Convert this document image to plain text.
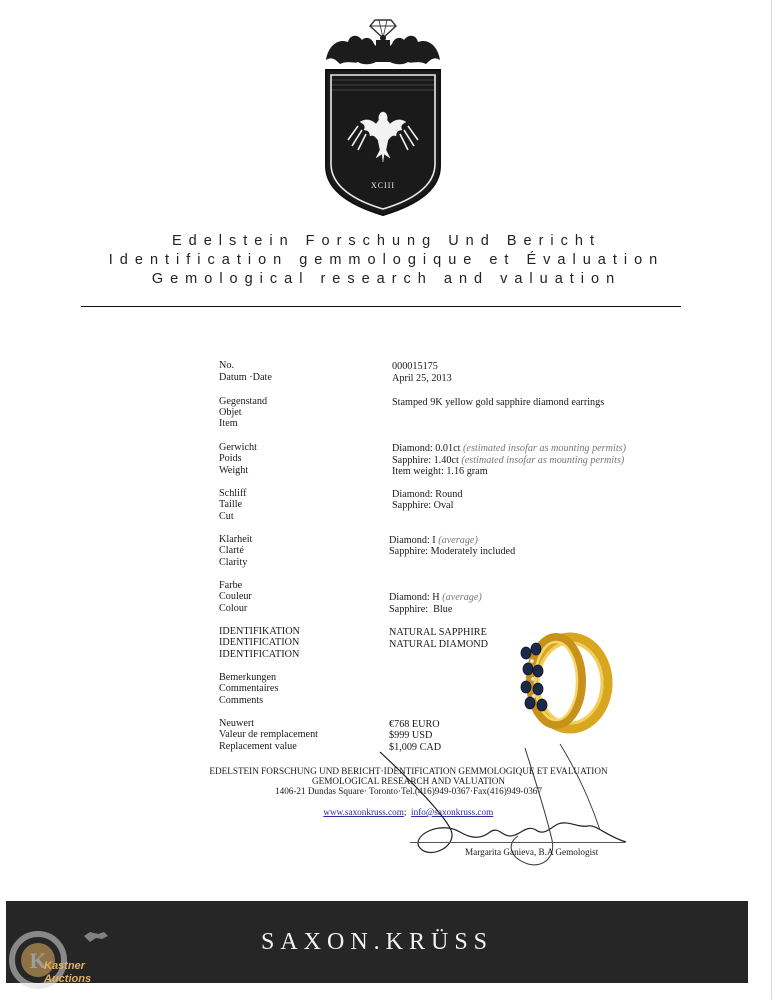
XCIII
Edelstein Forschung Und Bericht
Identification gemmologique et Évaluation
Gemological research and valuation
No.
Datum ·Date
Gegenstand
Objet
Item
Gerwicht
Poids
Weight
Schliff
Taille
Cut
Klarheit
Clarté
Clarity
Farbe
Couleur
Colour
IDENTIFIKATION
IDENTIFICATION
IDENTIFICATION
Bemerkungen
Commentaires
Comments
Neuwert
Valeur de remplacement
Replacement value
000015175
April 25, 2013
Stamped 9K yellow gold sapphire diamond earrings
Diamond: 0.01ct (estimated insofar as mounting permits)
Sapphire: 1.40ct (estimated insofar as mounting permits)
Item weight: 1.16 gram
Diamond: Round
Sapphire: Oval
Diamond: I (average)
Sapphire: Moderately included
Diamond: H (average)
Sapphire:  Blue
NATURAL SAPPHIRE
NATURAL DIAMOND
€768 EURO
$999 USD
$1,009 CAD
EDELSTEIN FORSCHUNG UND BERICHT·IDENTIFICATION GEMMOLOGIQUE ET EVALUATION
GEMOLOGICAL RESEARCH AND VALUATION
1406-21 Dundas Square· Toronto·Tel.(416)949-0367·Fax(416)949-0367

www.saxonkruss.com;  info@saxonkruss.com

Margarita Ganieva, B.A Gemologist
SAXON.KRÜSS
K
Kastner
Auctions
